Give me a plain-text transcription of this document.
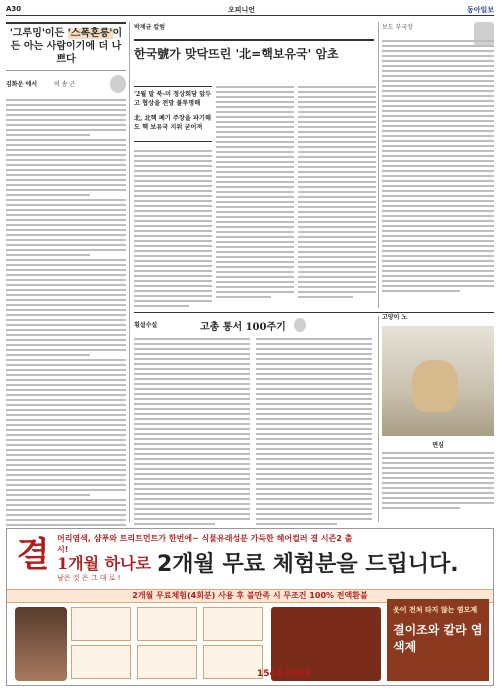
A30	오피니언	동아일보
'그루밍'이든 '스폭혼릉'이든 아는 사람이기에 더 나쁘다
김화운 에서	이 송 근
박제균 칼럼
한국號가 맞닥뜨린 '北=핵보유국' 암초
보도 부국장

'2월 말 북-미 정상회담 앞두고 협상을 전망 불투명해

北, 北핵 폐기 주장을 파기해도 핵 보유국 지위 굳어져

횡설수설	고총 통서 100주기
고양이 노
면심
결 머리염색, 샴푸와 트리트먼트가 한번에~ 식물유래성분 가득한 헤어컬러 결 시즌2 출시!
1개월 하나로
남은 것 은 그 대 로 !
2개월 무료 체험분을 드립니다.
2개월 무료체험(4회분) 사용 후 불만족 시 무조건 100% 전액환불
옷이 전처 타지 않는 염모제
결이조와 칼라 염색제
1544-0563
